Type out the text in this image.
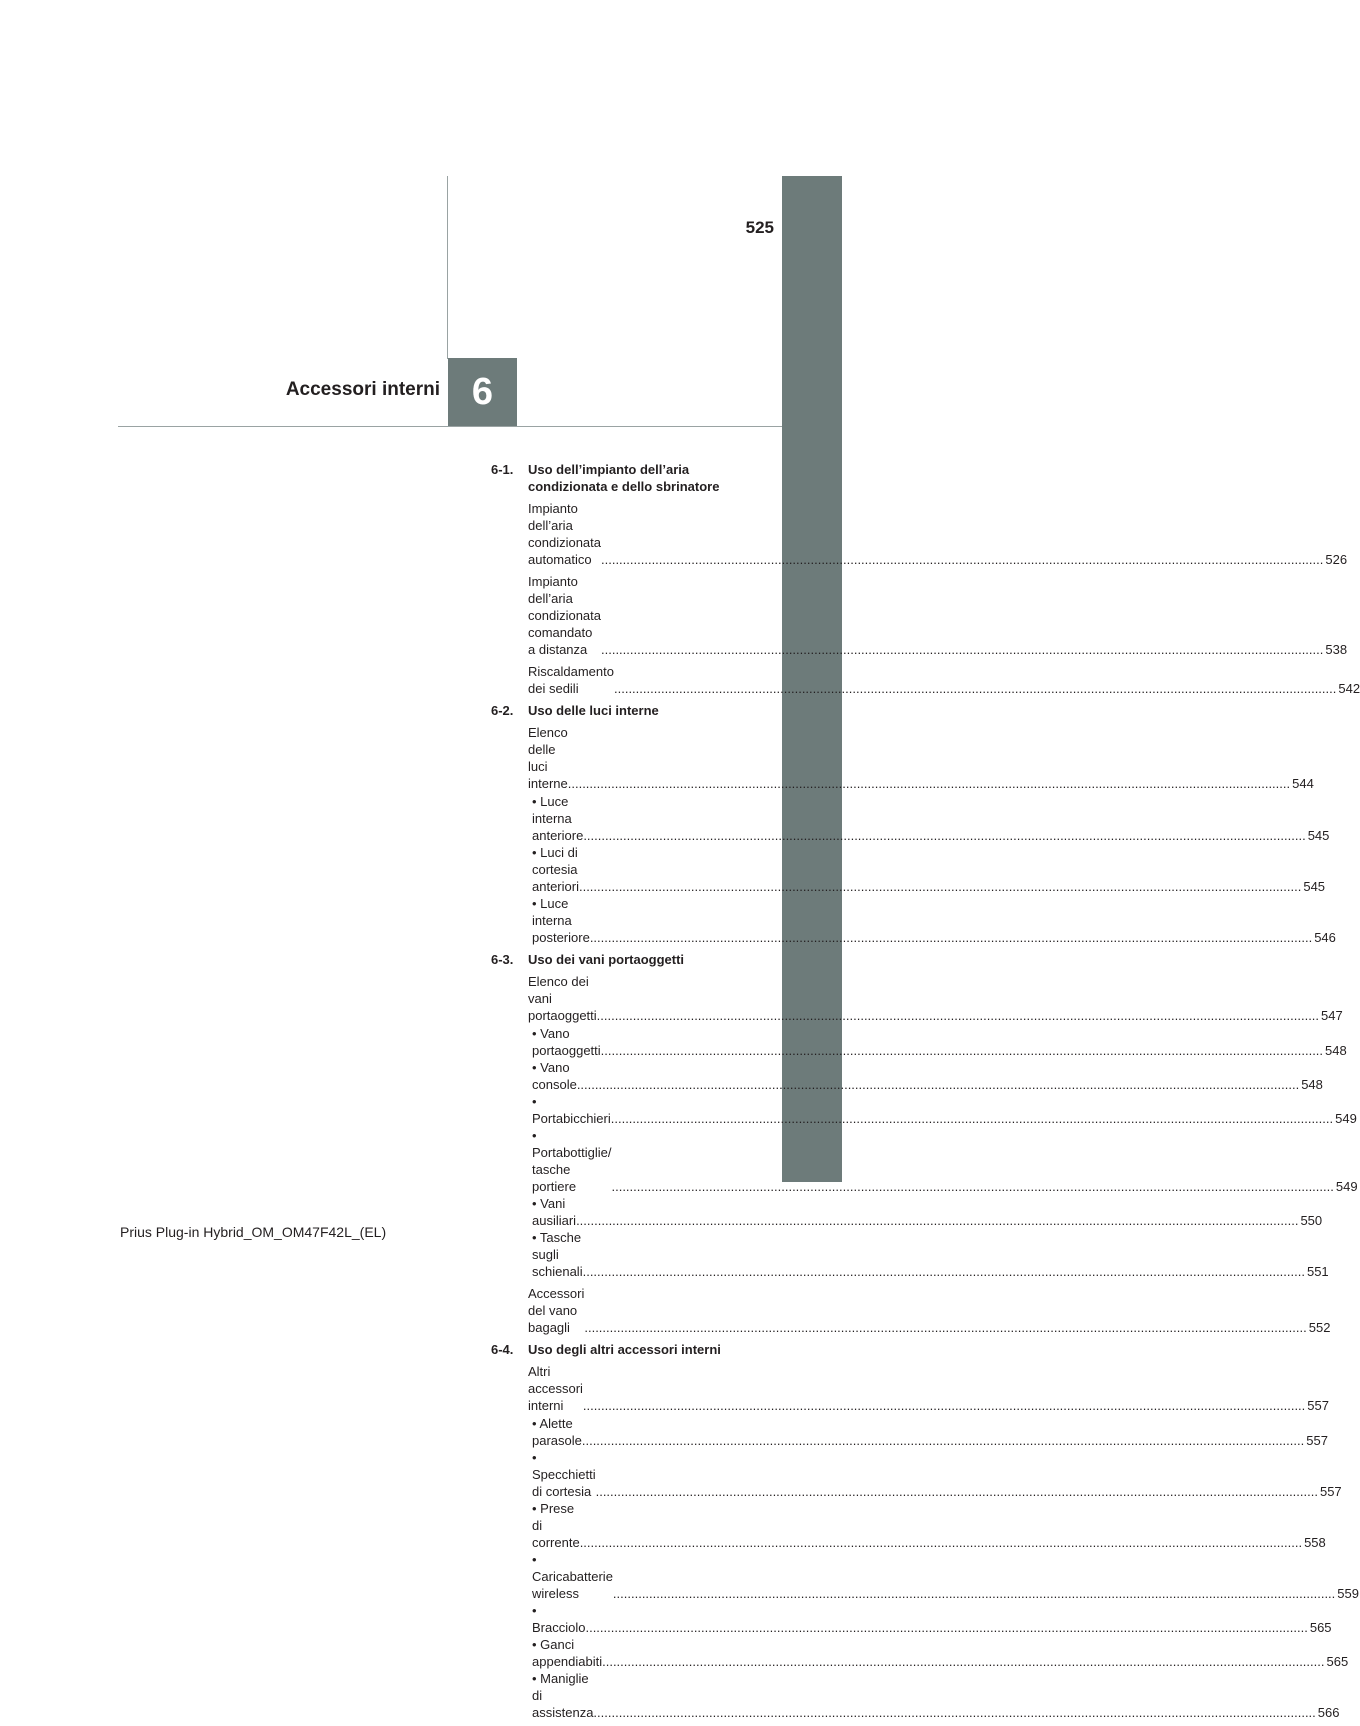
525
6
Accessori interni
6-1.	Uso dell’impianto dell’aria condizionata e dello sbrinatore
Impianto dell’aria condizionata
automatico ........................................................................................................................................................................................................ 526
Impianto dell’aria condizionata
comandato a distanza	........................................................................................................................................................................................................ 538
Riscaldamento dei sedili	........................................................................................................................................................................................................ 542
6-2.	Uso delle luci interne
Elenco delle luci interne ........................................................................................................................................................................................................ 544
• Luce interna anteriore ........................................................................................................................................................................................................ 545
• Luci di cortesia anteriori ........................................................................................................................................................................................................ 545
• Luce interna posteriore ........................................................................................................................................................................................................ 546
6-3.	Uso dei vani portaoggetti
Elenco dei vani portaoggetti ........................................................................................................................................................................................................ 547
• Vano portaoggetti ........................................................................................................................................................................................................ 548
• Vano console ........................................................................................................................................................................................................ 548
• Portabicchieri ........................................................................................................................................................................................................ 549
• Portabottiglie/
tasche portiere	........................................................................................................................................................................................................ 549
• Vani ausiliari ........................................................................................................................................................................................................ 550
• Tasche sugli schienali ........................................................................................................................................................................................................ 551
Accessori del vano bagagli	........................................................................................................................................................................................................ 552
6-4.	Uso degli altri accessori interni
Altri accessori interni	........................................................................................................................................................................................................ 557
• Alette parasole ........................................................................................................................................................................................................ 557
• Specchietti di cortesia ........................................................................................................................................................................................................ 557
• Prese di corrente ........................................................................................................................................................................................................ 558
• Caricabatterie wireless	........................................................................................................................................................................................................ 559
• Bracciolo ........................................................................................................................................................................................................ 565
• Ganci appendiabiti ........................................................................................................................................................................................................ 565
• Maniglie di assistenza ........................................................................................................................................................................................................ 566
Prius Plug-in Hybrid_OM_OM47F42L_(EL)
